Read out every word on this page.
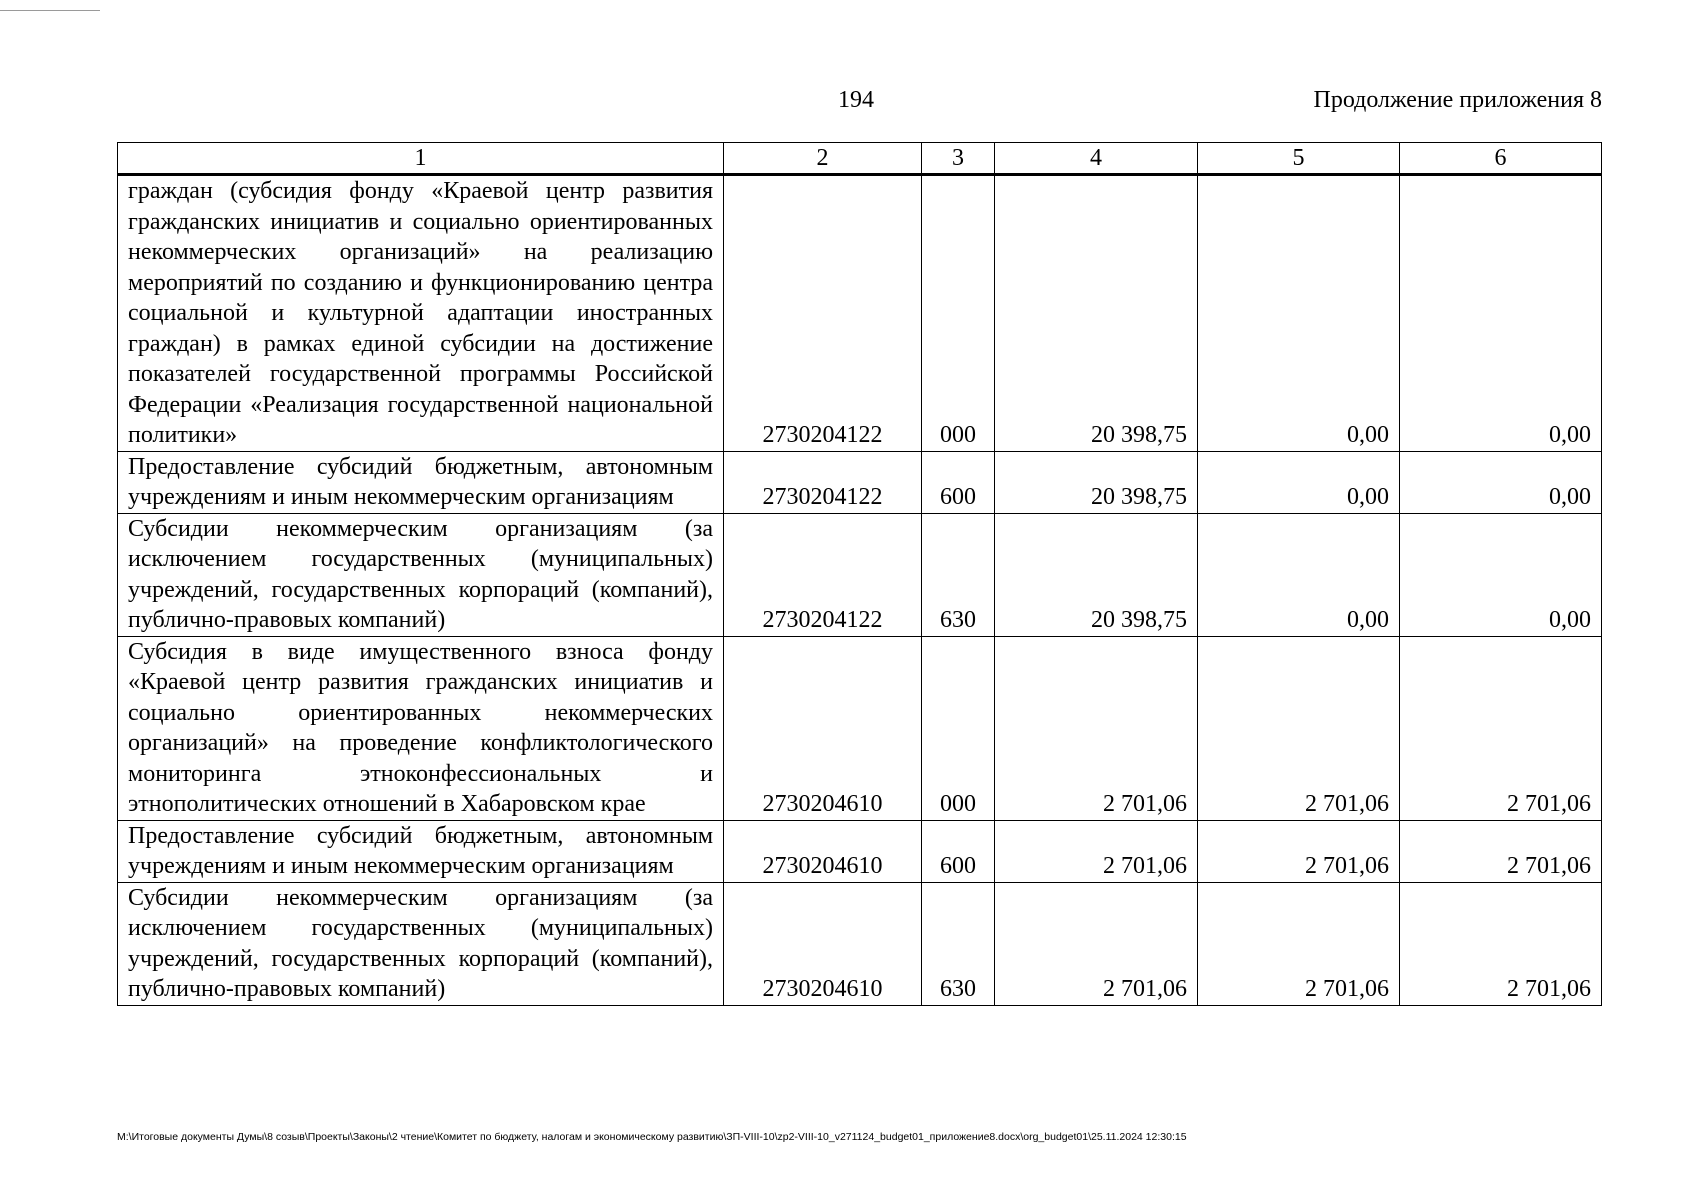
194	Продолжение приложения 8
1	2	3	4	5	6
граждан (субсидия фонду «Краевой центр развития гражданских инициатив и социально ориентированных некоммерческих организаций» на реализацию мероприятий по созданию и функционированию центра социальной и культурной адаптации иностранных граждан) в рамках единой субсидии на достижение показателей государственной программы Российской Федерации «Реализация государственной национальной политики»	2730204122	000	20 398,75	0,00	0,00
Предоставление субсидий бюджетным, автономным учреждениям и иным некоммерческим организациям	2730204122	600	20 398,75	0,00	0,00
Субсидии некоммерческим организациям (за исключением государственных (муниципальных) учреждений, государственных корпораций (компаний), публично-правовых компаний)	2730204122	630	20 398,75	0,00	0,00
Субсидия в виде имущественного взноса фонду «Краевой центр развития гражданских инициатив и социально ориентированных некоммерческих организаций» на проведение конфликтологического мониторинга этноконфессиональных и этнополитических отношений в Хабаровском крае	2730204610	000	2 701,06	2 701,06	2 701,06
Предоставление субсидий бюджетным, автономным учреждениям и иным некоммерческим организациям	2730204610	600	2 701,06	2 701,06	2 701,06
Субсидии некоммерческим организациям (за исключением государственных (муниципальных) учреждений, государственных корпораций (компаний), публично-правовых компаний)	2730204610	630	2 701,06	2 701,06	2 701,06
М:\Итоговые документы Думы\8 созыв\Проекты\Законы\2 чтение\Комитет по бюджету, налогам и экономическому развитию\ЗП-VIII-10\zp2-VIII-10_v271124_budget01_приложение8.docx\org_budget01\25.11.2024 12:30:15
